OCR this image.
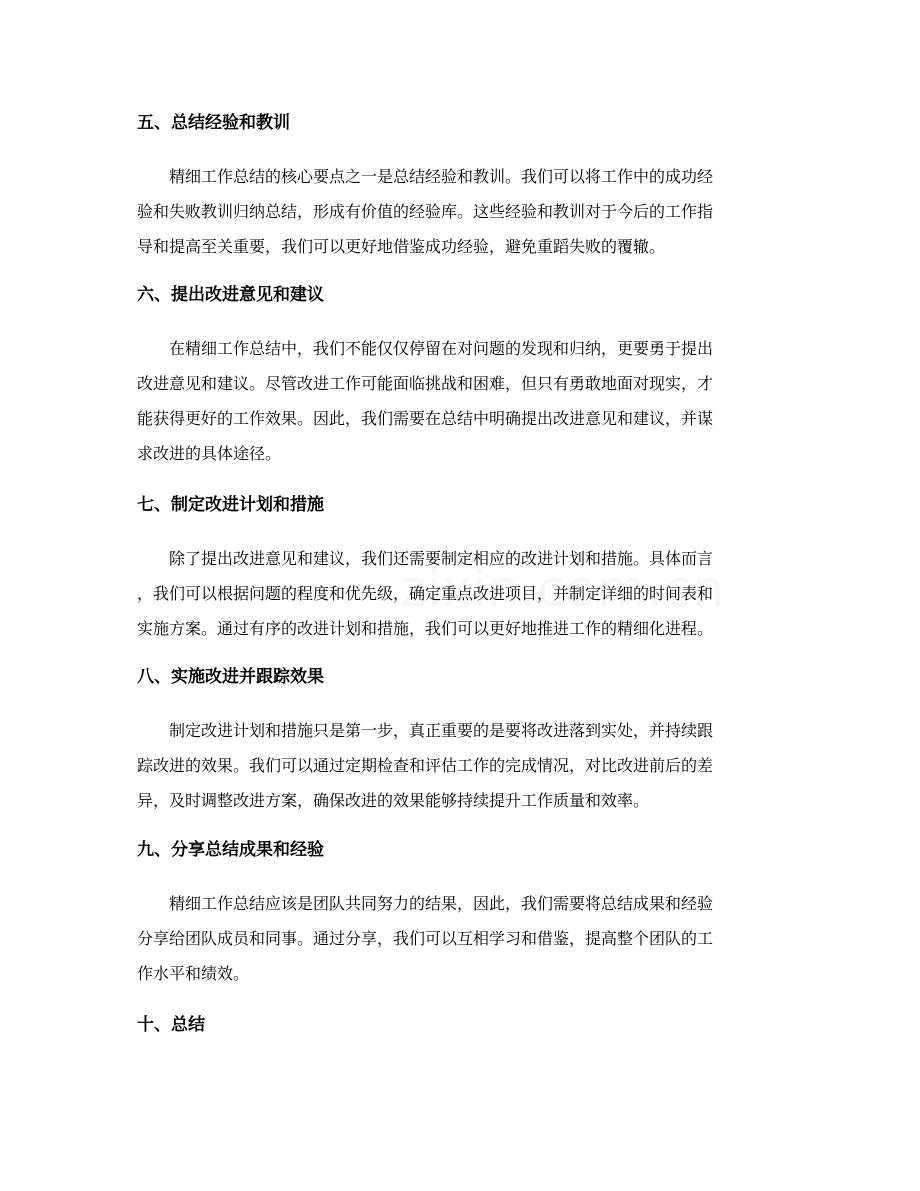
五、总结经验和教训

精细工作总结的核心要点之一是总结经验和教训。我们可以将工作中的成功经
验和失败教训归纳总结，形成有价值的经验库。这些经验和教训对于今后的工作指
导和提高至关重要，我们可以更好地借鉴成功经验，避免重蹈失败的覆辙。

六、提出改进意见和建议

在精细工作总结中，我们不能仅仅停留在对问题的发现和归纳，更要勇于提出
改进意见和建议。尽管改进工作可能面临挑战和困难，但只有勇敢地面对现实，才
能获得更好的工作效果。因此，我们需要在总结中明确提出改进意见和建议，并谋
求改进的具体途径。

七、制定改进计划和措施

除了提出改进意见和建议，我们还需要制定相应的改进计划和措施。具体而言
，我们可以根据问题的程度和优先级，确定重点改进项目，并制定详细的时间表和
实施方案。通过有序的改进计划和措施，我们可以更好地推进工作的精细化进程。

八、实施改进并跟踪效果

制定改进计划和措施只是第一步，真正重要的是要将改进落到实处，并持续跟
踪改进的效果。我们可以通过定期检查和评估工作的完成情况，对比改进前后的差
异，及时调整改进方案，确保改进的效果能够持续提升工作质量和效率。

九、分享总结成果和经验

精细工作总结应该是团队共同努力的结果，因此，我们需要将总结成果和经验
分享给团队成员和同事。通过分享，我们可以互相学习和借鉴，提高整个团队的工
作水平和绩效。

十、总结
